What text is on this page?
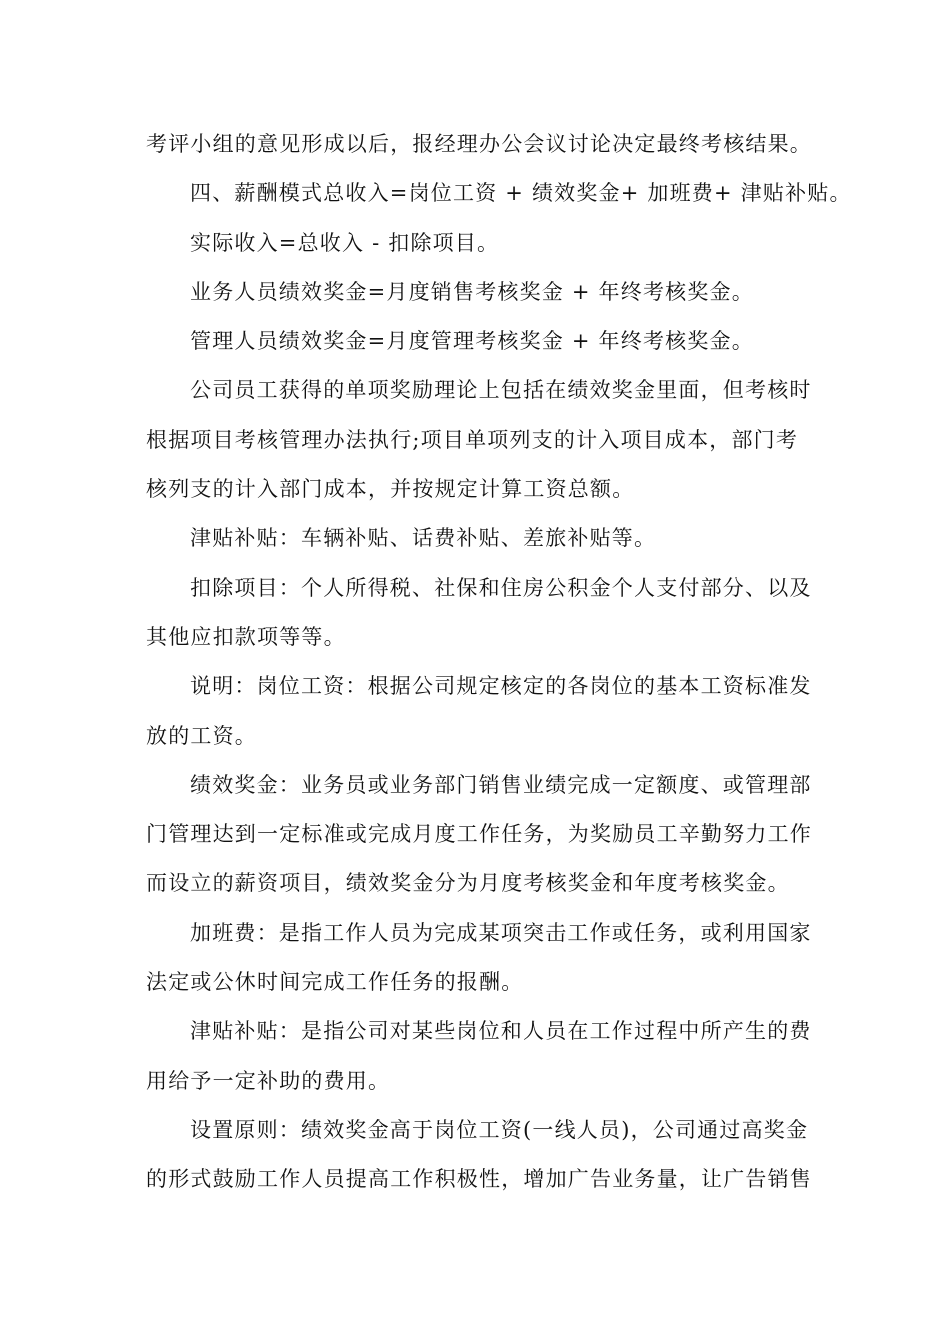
考评小组的意见形成以后，报经理办公会议讨论决定最终考核结果。
四、薪酬模式总收入=岗位工资 + 绩效奖金+ 加班费+ 津贴补贴。
实际收入=总收入 - 扣除项目。
业务人员绩效奖金=月度销售考核奖金 + 年终考核奖金。
管理人员绩效奖金=月度管理考核奖金 + 年终考核奖金。
公司员工获得的单项奖励理论上包括在绩效奖金里面，但考核时
根据项目考核管理办法执行;项目单项列支的计入项目成本，部门考
核列支的计入部门成本，并按规定计算工资总额。
津贴补贴：车辆补贴、话费补贴、差旅补贴等。
扣除项目：个人所得税、社保和住房公积金个人支付部分、以及
其他应扣款项等等。
说明：岗位工资：根据公司规定核定的各岗位的基本工资标准发
放的工资。
绩效奖金：业务员或业务部门销售业绩完成一定额度、或管理部
门管理达到一定标准或完成月度工作任务，为奖励员工辛勤努力工作
而设立的薪资项目，绩效奖金分为月度考核奖金和年度考核奖金。
加班费：是指工作人员为完成某项突击工作或任务，或利用国家
法定或公休时间完成工作任务的报酬。
津贴补贴：是指公司对某些岗位和人员在工作过程中所产生的费
用给予一定补助的费用。
设置原则：绩效奖金高于岗位工资(一线人员)，公司通过高奖金
的形式鼓励工作人员提高工作积极性，增加广告业务量，让广告销售
